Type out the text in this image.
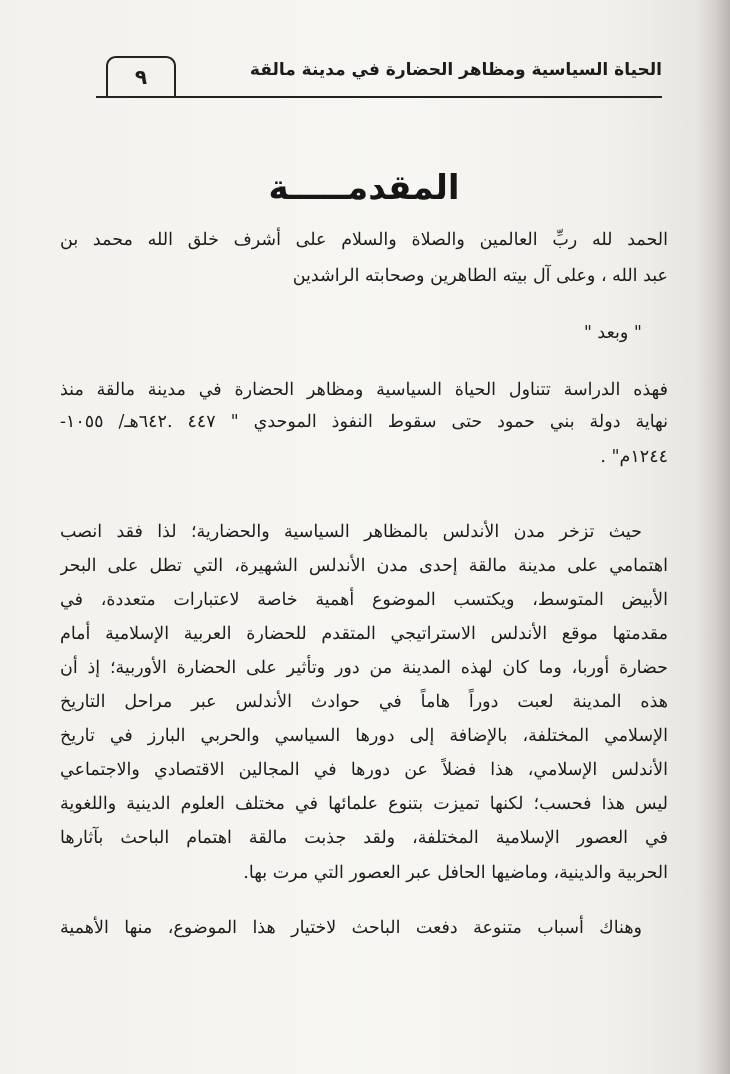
الحياة السياسية ومظاهر الحضارة في مدينة مالقة
٩
المقدمـــــة
الحمد لله ربِّ العالمين والصلاة والسلام على أشرف خلق الله محمد بن
عبد الله ، وعلى آل بيته الطاهرين وصحابته الراشدين
" وبعد "
فهذه الدراسة تتناول الحياة السياسية ومظاهر الحضارة في مدينة مالقة منذ
نهاية دولة بني حمود حتى سقوط النفوذ الموحدي " ٤٤٧ .٦٤٢هـ/ ١٠٥٥-
١٢٤٤م" .
حيث تزخر مدن الأندلس بالمظاهر السياسية والحضارية؛ لذا فقد انصب
اهتمامي على مدينة مالقة إحدى مدن الأندلس الشهيرة، التي تطل على البحر
الأبيض المتوسط، ويكتسب الموضوع أهمية خاصة لاعتبارات متعددة، في
مقدمتها موقع الأندلس الاستراتيجي المتقدم للحضارة العربية الإسلامية أمام
حضارة أوربا، وما كان لهذه المدينة من دور وتأثير على الحضارة الأوربية؛ إذ أن
هذه المدينة لعبت دوراً هاماً في حوادث الأندلس عبر مراحل التاريخ
الإسلامي المختلفة، بالإضافة إلى دورها السياسي والحربي البارز في تاريخ
الأندلس الإسلامي، هذا فضلاً عن دورها في المجالين الاقتصادي والاجتماعي
ليس هذا فحسب؛ لكنها تميزت بتنوع علمائها في مختلف العلوم الدينية واللغوية
في العصور الإسلامية المختلفة، ولقد جذبت مالقة اهتمام الباحث بآثارها
الحربية والدينية، وماضيها الحافل عبر العصور التي مرت بها.
وهناك أسباب متنوعة دفعت الباحث لاختيار هذا الموضوع، منها الأهمية
